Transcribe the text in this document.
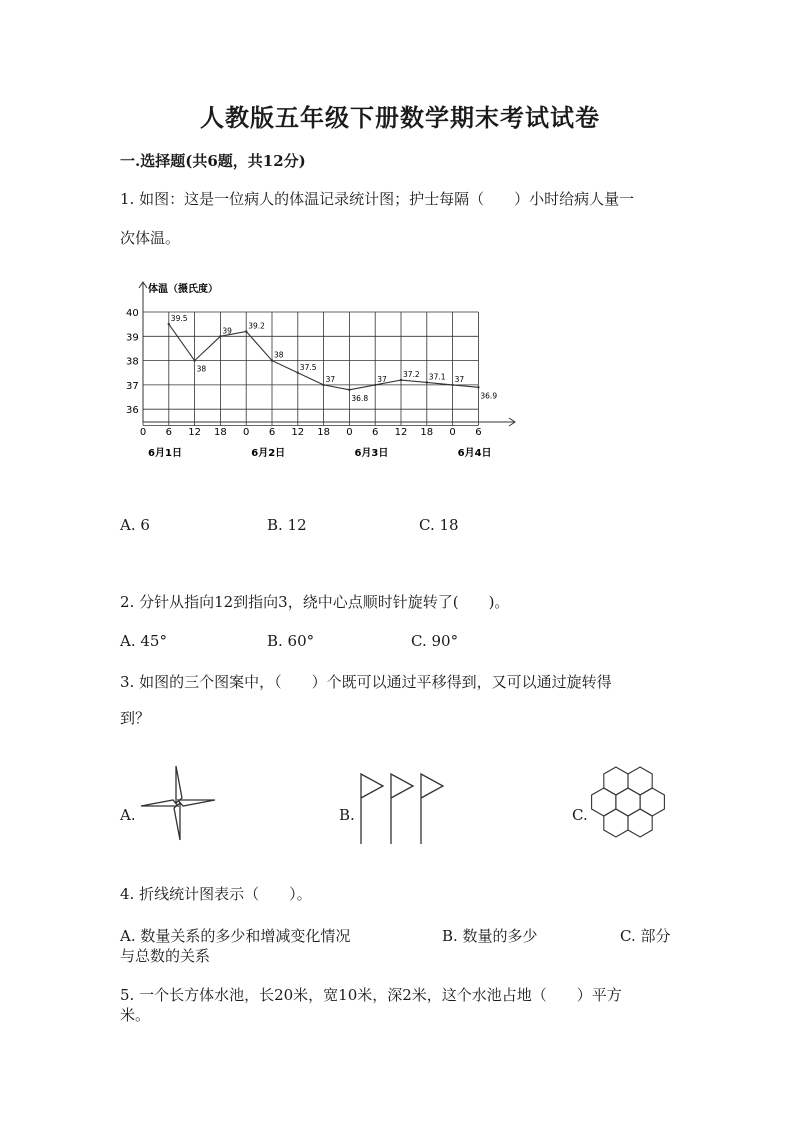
人教版五年级下册数学期末考试试卷
一.选择题(共6题，共12分)
1. 如图：这是一位病人的体温记录统计图；护士每隔（　　）小时给病人量一
次体温。
40
39
38
37
36
0 6 12 18 0 6 12 18 0 6 12 18 0 6
6月1日	6月2日	6月3日	6月4日
39.5
38
39
39.2
38
37.5
37
36.8
37
37.2 37.1 37
36.9
体温（摄氏度）
A. 6	B. 12	C. 18
2. 分针从指向12到指向3，绕中心点顺时针旋转了(　　)。
A. 45°	B. 60°	C. 90°
3. 如图的三个图案中，（　　）个既可以通过平移得到，又可以通过旋转得
到？
A.	B.	C.
4. 折线统计图表示（　　）。
A. 数量关系的多少和增减变化情况	B. 数量的多少	C. 部分
与总数的关系
5. 一个长方体水池，长20米，宽10米，深2米，这个水池占地（　　）平方
米。
